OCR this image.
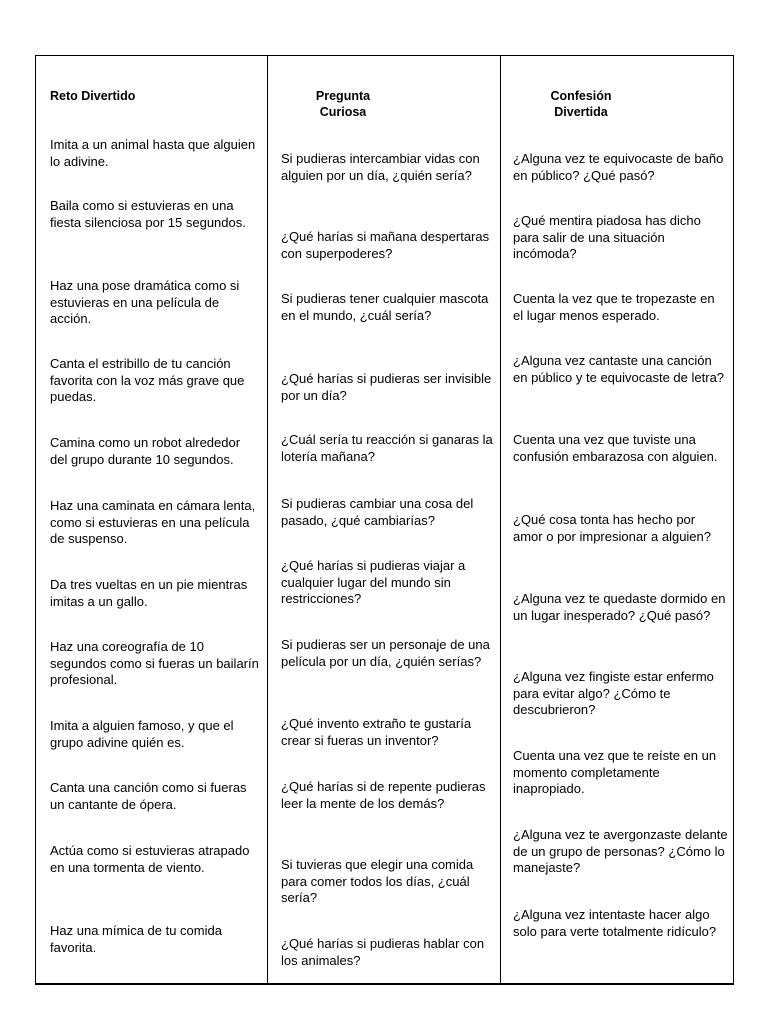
Reto Divertido
Imita a un animal hasta que alguien lo adivine.
Baila como si estuvieras en una fiesta silenciosa por 15 segundos.
Haz una pose dramática como si estuvieras en una película de acción.
Canta el estribillo de tu canción favorita con la voz más grave que puedas.
Camina como un robot alrededor del grupo durante 10 segundos.
Haz una caminata en cámara lenta, como si estuvieras en una película de suspenso.
Da tres vueltas en un pie mientras imitas a un gallo.
Haz una coreografía de 10 segundos como si fueras un bailarín profesional.
Imita a alguien famoso, y que el grupo adivine quién es.
Canta una canción como si fueras un cantante de ópera.
Actúa como si estuvieras atrapado en una tormenta de viento.
Haz una mímica de tu comida favorita.
Pregunta
Curiosa
Si pudieras intercambiar vidas con alguien por un día, ¿quién sería?
¿Qué harías si mañana despertaras con superpoderes?
Si pudieras tener cualquier mascota en el mundo, ¿cuál sería?
¿Qué harías si pudieras ser invisible por un día?
¿Cuál sería tu reacción si ganaras la lotería mañana?
Si pudieras cambiar una cosa del pasado, ¿qué cambiarías?
¿Qué harías si pudieras viajar a cualquier lugar del mundo sin restricciones?
Si pudieras ser un personaje de una película por un día, ¿quién serías?
¿Qué invento extraño te gustaría crear si fueras un inventor?
¿Qué harías si de repente pudieras leer la mente de los demás?
Si tuvieras que elegir una comida para comer todos los días, ¿cuál sería?
¿Qué harías si pudieras hablar con los animales?
Confesión
Divertida
¿Alguna vez te equivocaste de baño en público? ¿Qué pasó?
¿Qué mentira piadosa has dicho para salir de una situación incómoda?
Cuenta la vez que te tropezaste en el lugar menos esperado.
¿Alguna vez cantaste una canción en público y te equivocaste de letra?
Cuenta una vez que tuviste una confusión embarazosa con alguien.
¿Qué cosa tonta has hecho por amor o por impresionar a alguien?
¿Alguna vez te quedaste dormido en un lugar inesperado? ¿Qué pasó?
¿Alguna vez fingiste estar enfermo para evitar algo? ¿Cómo te descubrieron?
Cuenta una vez que te reíste en un momento completamente inapropiado.
¿Alguna vez te avergonzaste delante de un grupo de personas? ¿Cómo lo manejaste?
¿Alguna vez intentaste hacer algo solo para verte totalmente ridículo?
